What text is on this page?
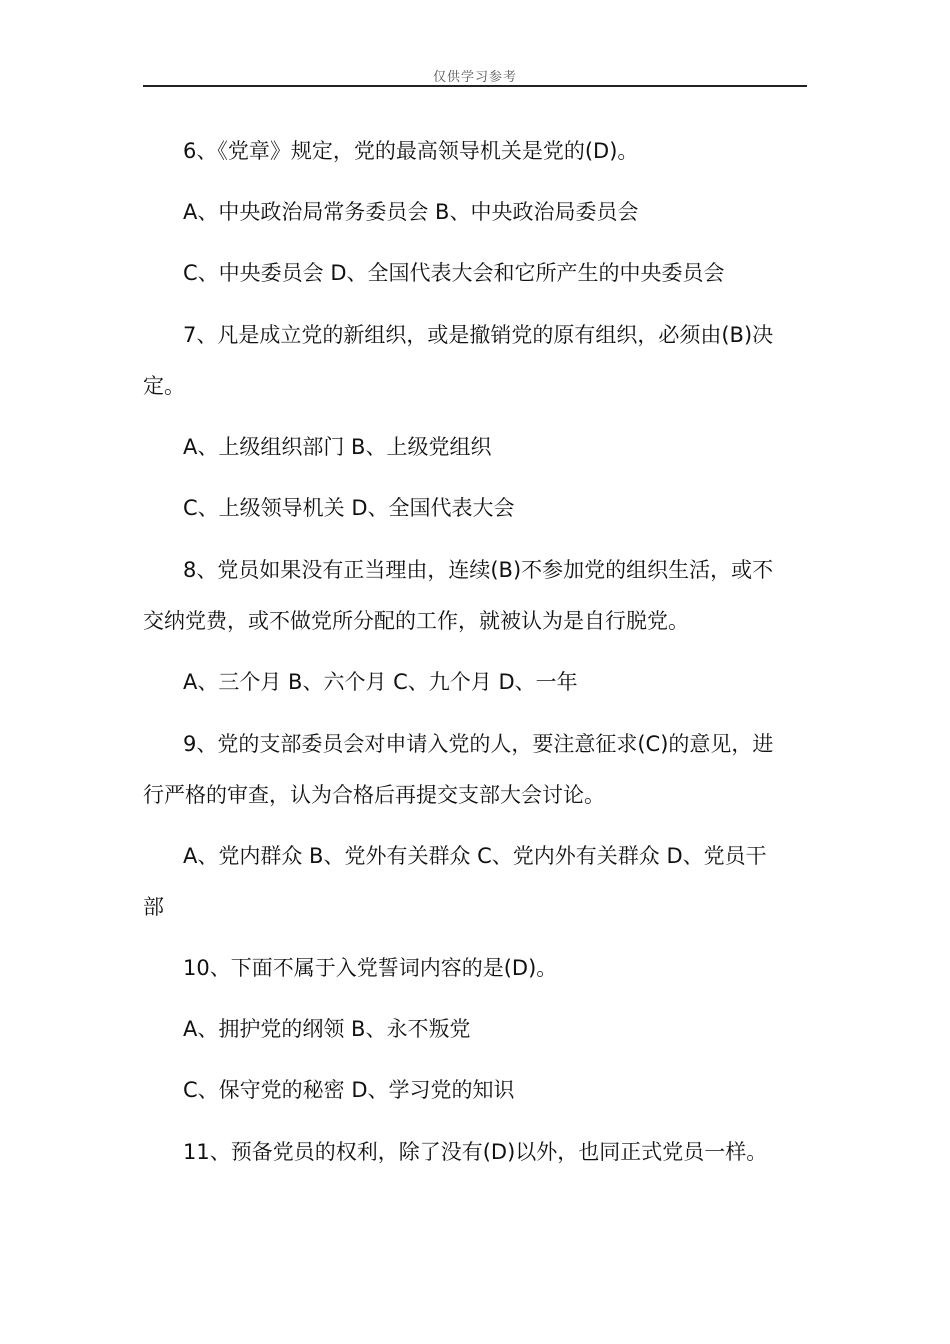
仅供学习参考
6、《党章》规定，党的最高领导机关是党的(D)。
A、中央政治局常务委员会 B、中央政治局委员会
C、中央委员会 D、全国代表大会和它所产生的中央委员会
7、凡是成立党的新组织，或是撤销党的原有组织，必须由(B)决
定。
A、上级组织部门 B、上级党组织
C、上级领导机关 D、全国代表大会
8、党员如果没有正当理由，连续(B)不参加党的组织生活，或不
交纳党费，或不做党所分配的工作，就被认为是自行脱党。
A、三个月 B、六个月 C、九个月 D、一年
9、党的支部委员会对申请入党的人，要注意征求(C)的意见，进
行严格的审查，认为合格后再提交支部大会讨论。
A、党内群众 B、党外有关群众 C、党内外有关群众 D、党员干
部
10、下面不属于入党誓词内容的是(D)。
A、拥护党的纲领 B、永不叛党
C、保守党的秘密 D、学习党的知识
11、预备党员的权利，除了没有(D)以外，也同正式党员一样。
